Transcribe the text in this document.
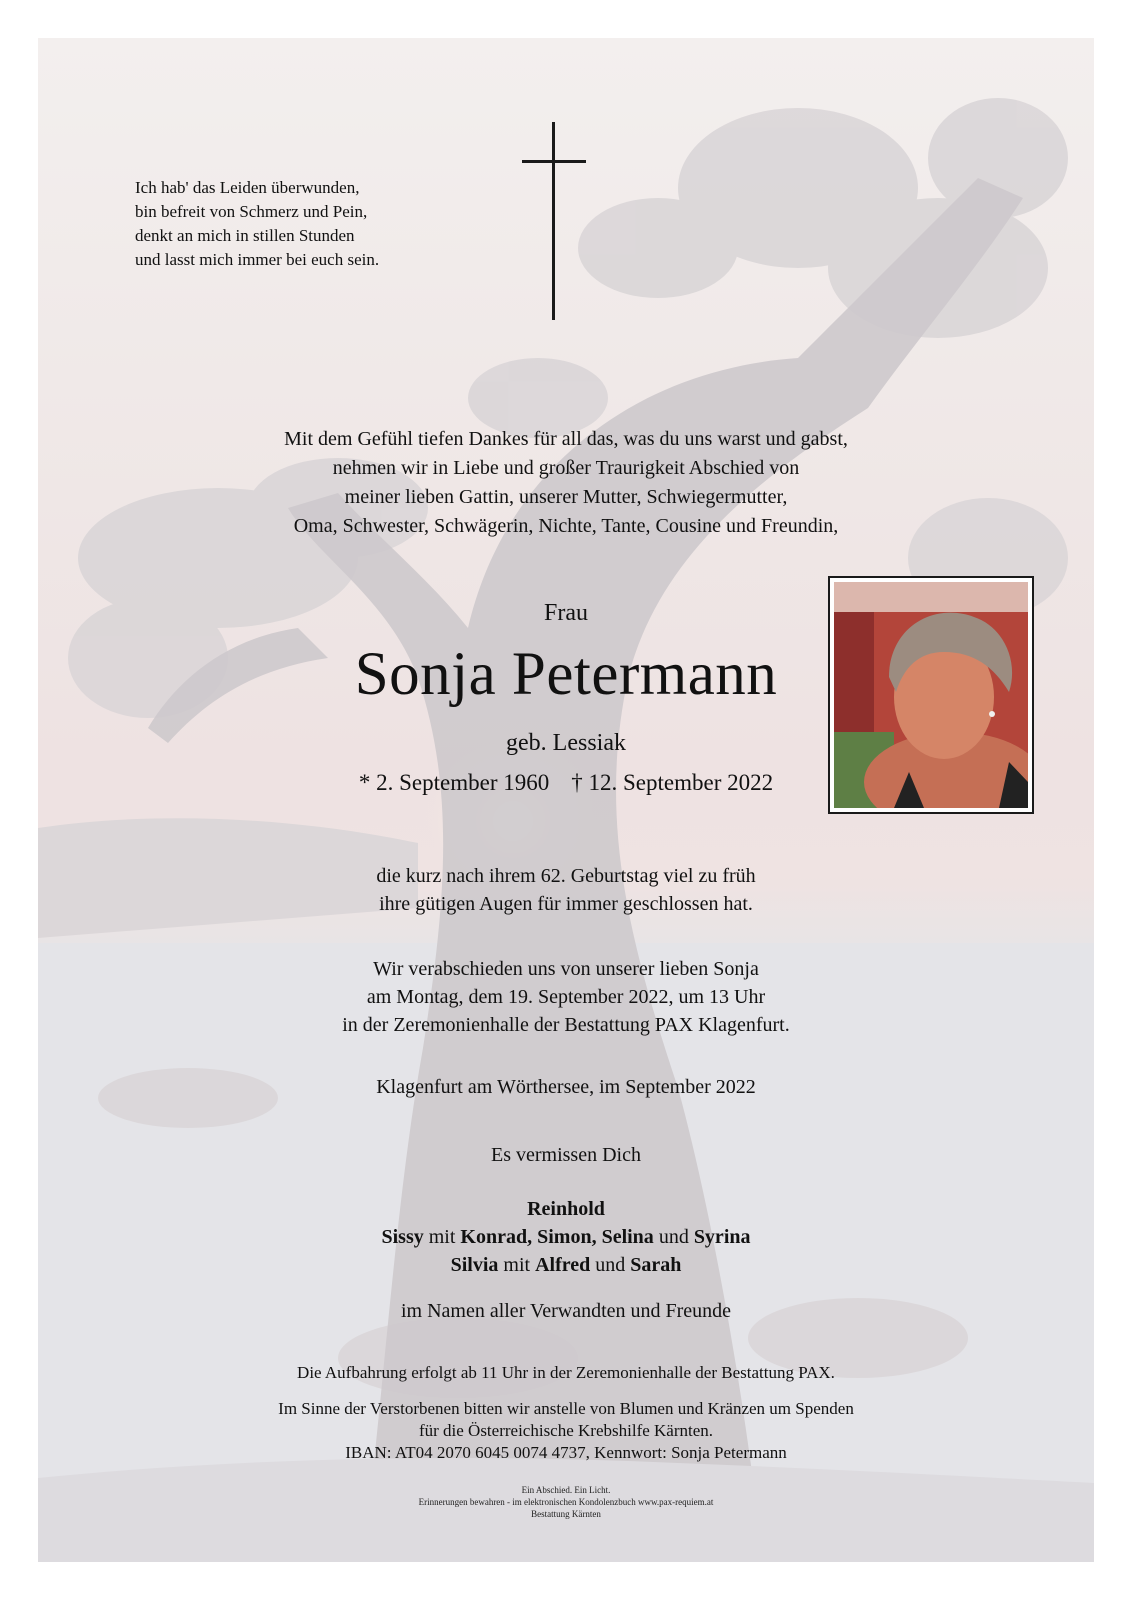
Ich hab' das Leiden überwunden,
bin befreit von Schmerz und Pein,
denkt an mich in stillen Stunden
und lasst mich immer bei euch sein.
Mit dem Gefühl tiefen Dankes für all das, was du uns warst und gabst,
nehmen wir in Liebe und großer Traurigkeit Abschied von
meiner lieben Gattin, unserer Mutter, Schwiegermutter,
Oma, Schwester, Schwägerin, Nichte, Tante, Cousine und Freundin,
Frau
Sonja Petermann
geb. Lessiak
* 2. September 1960 † 12. September 2022
die kurz nach ihrem 62. Geburtstag viel zu früh
ihre gütigen Augen für immer geschlossen hat.
Wir verabschieden uns von unserer lieben Sonja
am Montag, dem 19. September 2022, um 13 Uhr
in der Zeremonienhalle der Bestattung PAX Klagenfurt.
Klagenfurt am Wörthersee, im September 2022
Es vermissen Dich
Reinhold
Sissy mit Konrad, Simon, Selina und Syrina
Silvia mit Alfred und Sarah
im Namen aller Verwandten und Freunde
Die Aufbahrung erfolgt ab 11 Uhr in der Zeremonienhalle der Bestattung PAX.
Im Sinne der Verstorbenen bitten wir anstelle von Blumen und Kränzen um Spenden
für die Österreichische Krebshilfe Kärnten.
IBAN: AT04 2070 6045 0074 4737, Kennwort: Sonja Petermann
Ein Abschied. Ein Licht.
Erinnerungen bewahren - im elektronischen Kondolenzbuch www.pax-requiem.at
Bestattung Kärnten
